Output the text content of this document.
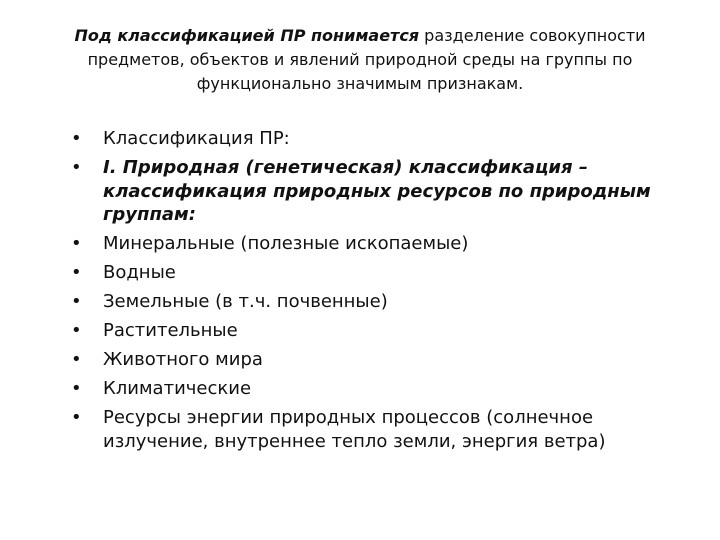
Под классификацией ПР понимается разделение совокупности предметов, объектов и явлений природной среды на группы по функционально значимым признакам.
• Классификация ПР:
• I. Природная (генетическая) классификация – классификация природных ресурсов по природным группам:
• Минеральные (полезные ископаемые)
• Водные
• Земельные (в т.ч. почвенные)
• Растительные
• Животного мира
• Климатические
• Ресурсы энергии природных процессов (солнечное излучение, внутреннее тепло земли, энергия ветра)
